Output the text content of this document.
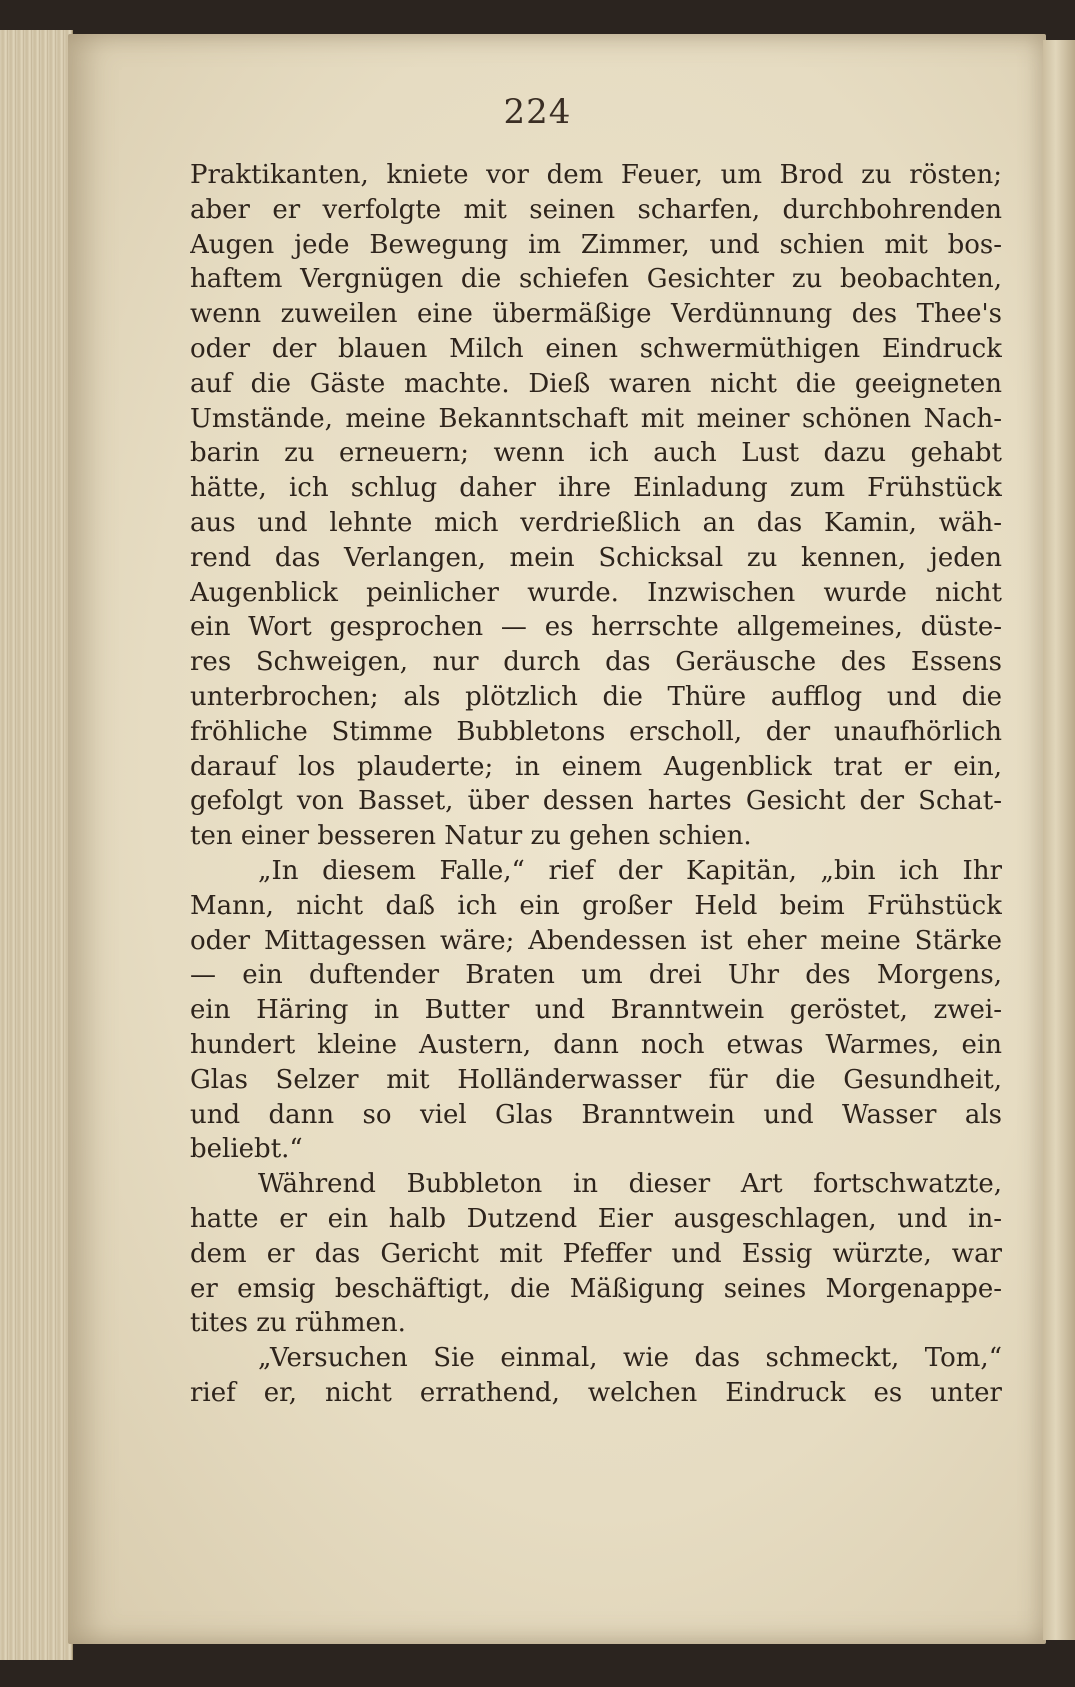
224
Praktikanten, kniete vor dem Feuer, um Brod zu rösten;
aber er verfolgte mit seinen scharfen, durchbohrenden
Augen jede Bewegung im Zimmer, und schien mit bos-
haftem Vergnügen die schiefen Gesichter zu beobachten,
wenn zuweilen eine übermäßige Verdünnung des Thee's
oder der blauen Milch einen schwermüthigen Eindruck
auf die Gäste machte. Dieß waren nicht die geeigneten
Umstände, meine Bekanntschaft mit meiner schönen Nach-
barin zu erneuern; wenn ich auch Lust dazu gehabt
hätte, ich schlug daher ihre Einladung zum Frühstück
aus und lehnte mich verdrießlich an das Kamin, wäh-
rend das Verlangen, mein Schicksal zu kennen, jeden
Augenblick peinlicher wurde. Inzwischen wurde nicht
ein Wort gesprochen — es herrschte allgemeines, düste-
res Schweigen, nur durch das Geräusche des Essens
unterbrochen; als plötzlich die Thüre aufflog und die
fröhliche Stimme Bubbletons erscholl, der unaufhörlich
darauf los plauderte; in einem Augenblick trat er ein,
gefolgt von Basset, über dessen hartes Gesicht der Schat-
ten einer besseren Natur zu gehen schien.
„In diesem Falle,“ rief der Kapitän, „bin ich Ihr
Mann, nicht daß ich ein großer Held beim Frühstück
oder Mittagessen wäre; Abendessen ist eher meine Stärke
— ein duftender Braten um drei Uhr des Morgens,
ein Häring in Butter und Branntwein geröstet, zwei-
hundert kleine Austern, dann noch etwas Warmes, ein
Glas Selzer mit Holländerwasser für die Gesundheit,
und dann so viel Glas Branntwein und Wasser als
beliebt.“
Während Bubbleton in dieser Art fortschwatzte,
hatte er ein halb Dutzend Eier ausgeschlagen, und in-
dem er das Gericht mit Pfeffer und Essig würzte, war
er emsig beschäftigt, die Mäßigung seines Morgenappe-
tites zu rühmen.
„Versuchen Sie einmal, wie das schmeckt, Tom,“
rief er, nicht errathend, welchen Eindruck es unter
